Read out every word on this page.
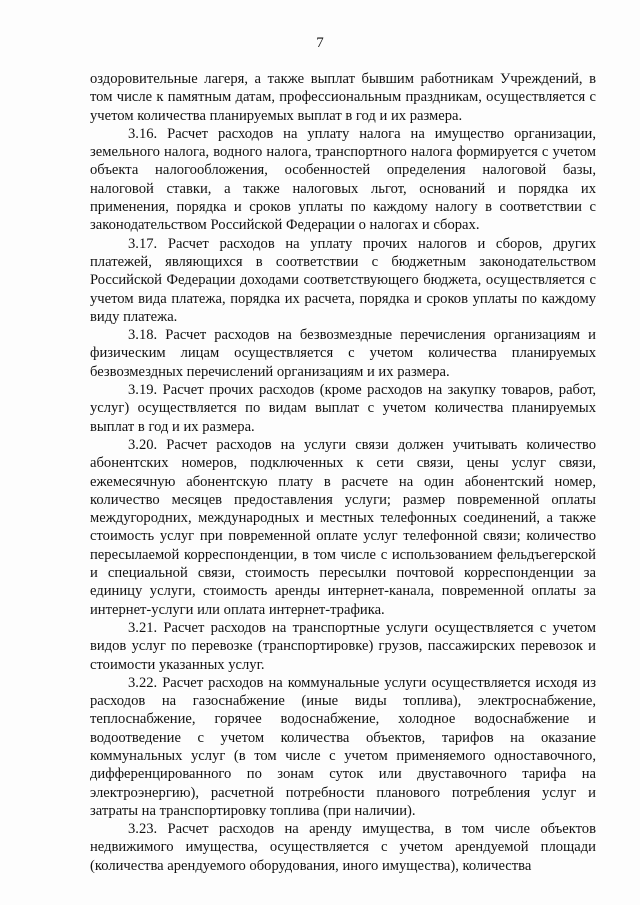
7

оздоровительные лагеря, а также выплат бывшим работникам Учреждений, в том числе к памятным датам, профессиональным праздникам, осуществляется с учетом количества планируемых выплат в год и их размера.

3.16. Расчет расходов на уплату налога на имущество организации, земельного налога, водного налога, транспортного налога формируется с учетом объекта налогообложения, особенностей определения налоговой базы, налоговой ставки, а также налоговых льгот, оснований и порядка их применения, порядка и сроков уплаты по каждому налогу в соответствии с законодательством Российской Федерации о налогах и сборах.

3.17. Расчет расходов на уплату прочих налогов и сборов, других платежей, являющихся в соответствии с бюджетным законодательством Российской Федерации доходами соответствующего бюджета, осуществляется с учетом вида платежа, порядка их расчета, порядка и сроков уплаты по каждому виду платежа.

3.18. Расчет расходов на безвозмездные перечисления организациям и физическим лицам осуществляется с учетом количества планируемых безвозмездных перечислений организациям и их размера.

3.19. Расчет прочих расходов (кроме расходов на закупку товаров, работ, услуг) осуществляется по видам выплат с учетом количества планируемых выплат в год и их размера.

3.20. Расчет расходов на услуги связи должен учитывать количество абонентских номеров, подключенных к сети связи, цены услуг связи, ежемесячную абонентскую плату в расчете на один абонентский номер, количество месяцев предоставления услуги; размер повременной оплаты междугородних, международных и местных телефонных соединений, а также стоимость услуг при повременной оплате услуг телефонной связи; количество пересылаемой корреспонденции, в том числе с использованием фельдъегерской и специальной связи, стоимость пересылки почтовой корреспонденции за единицу услуги, стоимость аренды интернет-канала, повременной оплаты за интернет-услуги или оплата интернет-трафика.

3.21. Расчет расходов на транспортные услуги осуществляется с учетом видов услуг по перевозке (транспортировке) грузов, пассажирских перевозок и стоимости указанных услуг.

3.22. Расчет расходов на коммунальные услуги осуществляется исходя из расходов на газоснабжение (иные виды топлива), электроснабжение, теплоснабжение, горячее водоснабжение, холодное водоснабжение и водоотведение с учетом количества объектов, тарифов на оказание коммунальных услуг (в том числе с учетом применяемого одноставочного, дифференцированного по зонам суток или двуставочного тарифа на электроэнергию), расчетной потребности планового потребления услуг и затраты на транспортировку топлива (при наличии).

3.23. Расчет расходов на аренду имущества, в том числе объектов недвижимого имущества, осуществляется с учетом арендуемой площади (количества арендуемого оборудования, иного имущества), количества
